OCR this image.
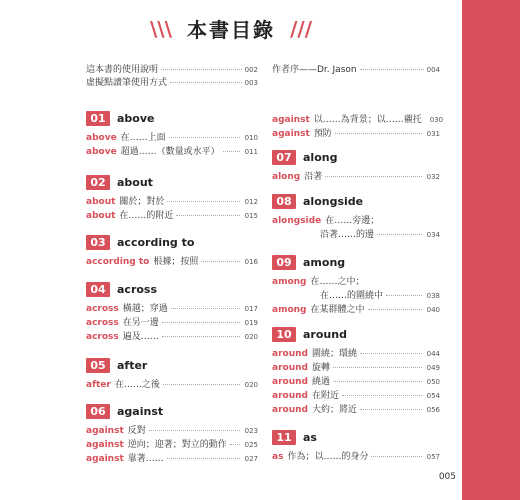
\\\ 本書目錄 ///
這本書的使用說明	002
虛擬點讀筆使用方式	003
作者序——Dr. Jason	004
01	above
above 在……上面	010
above 超過……（數量或水平）	011
02	about
about 關於；對於	012
about 在……的附近	015
03	according to
according to 根據；按照	016
04	across
across 橫越；穿過	017
across 在另一邊	019
across 遍及……	020
05	after
after 在……之後	020
06	against
against 反對	023
against 逆向；迎著；對立的動作	025
against 靠著……	027
against 以……為背景；以……襯托 030
against 預防	031
07	along
along 沿著	032
08	alongside
alongside 在……旁邊；
沿著……的邊	034
09	among
among 在……之中；
在……的圍繞中	038
among 在某群體之中	040
10	around
around 圍繞；環繞	044
around 旋轉	049
around 繞過	050
around 在附近	054
around 大約；將近	056
11	as
as 作為；以……的身分	057
005
